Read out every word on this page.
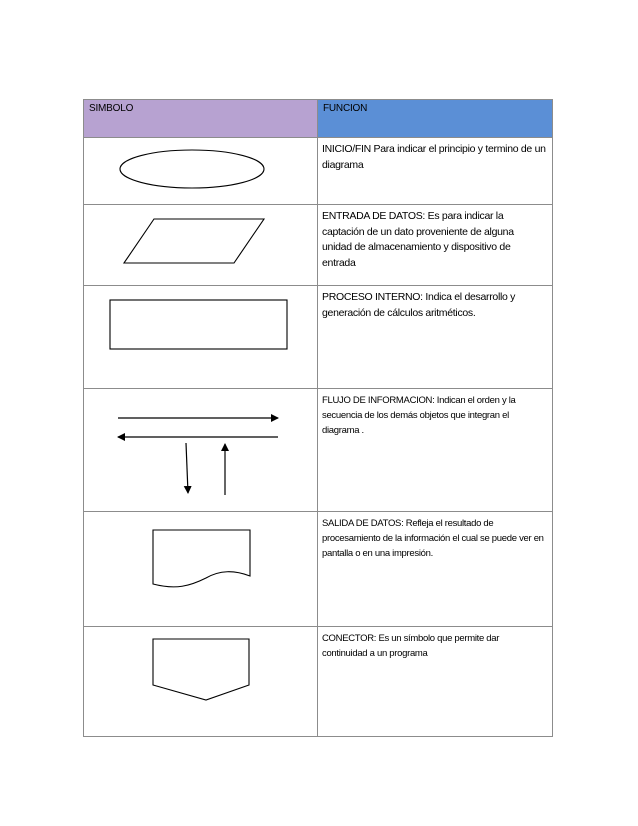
SIMBOLO	FUNCION

INICIO/FIN Para indicar el principio y termino de un diagrama

ENTRADA DE DATOS: Es para indicar la captación de un dato proveniente de alguna unidad de almacenamiento y dispositivo de entrada

PROCESO INTERNO: Indica el desarrollo y generación de cálculos aritméticos.

FLUJO DE INFORMACION: Indican el orden y la secuencia de los demás objetos que integran el diagrama .

SALIDA DE DATOS: Refleja el resultado de procesamiento de la información el cual se puede ver en pantalla o en una impresión.

CONECTOR: Es un símbolo que permite dar continuidad a un programa
